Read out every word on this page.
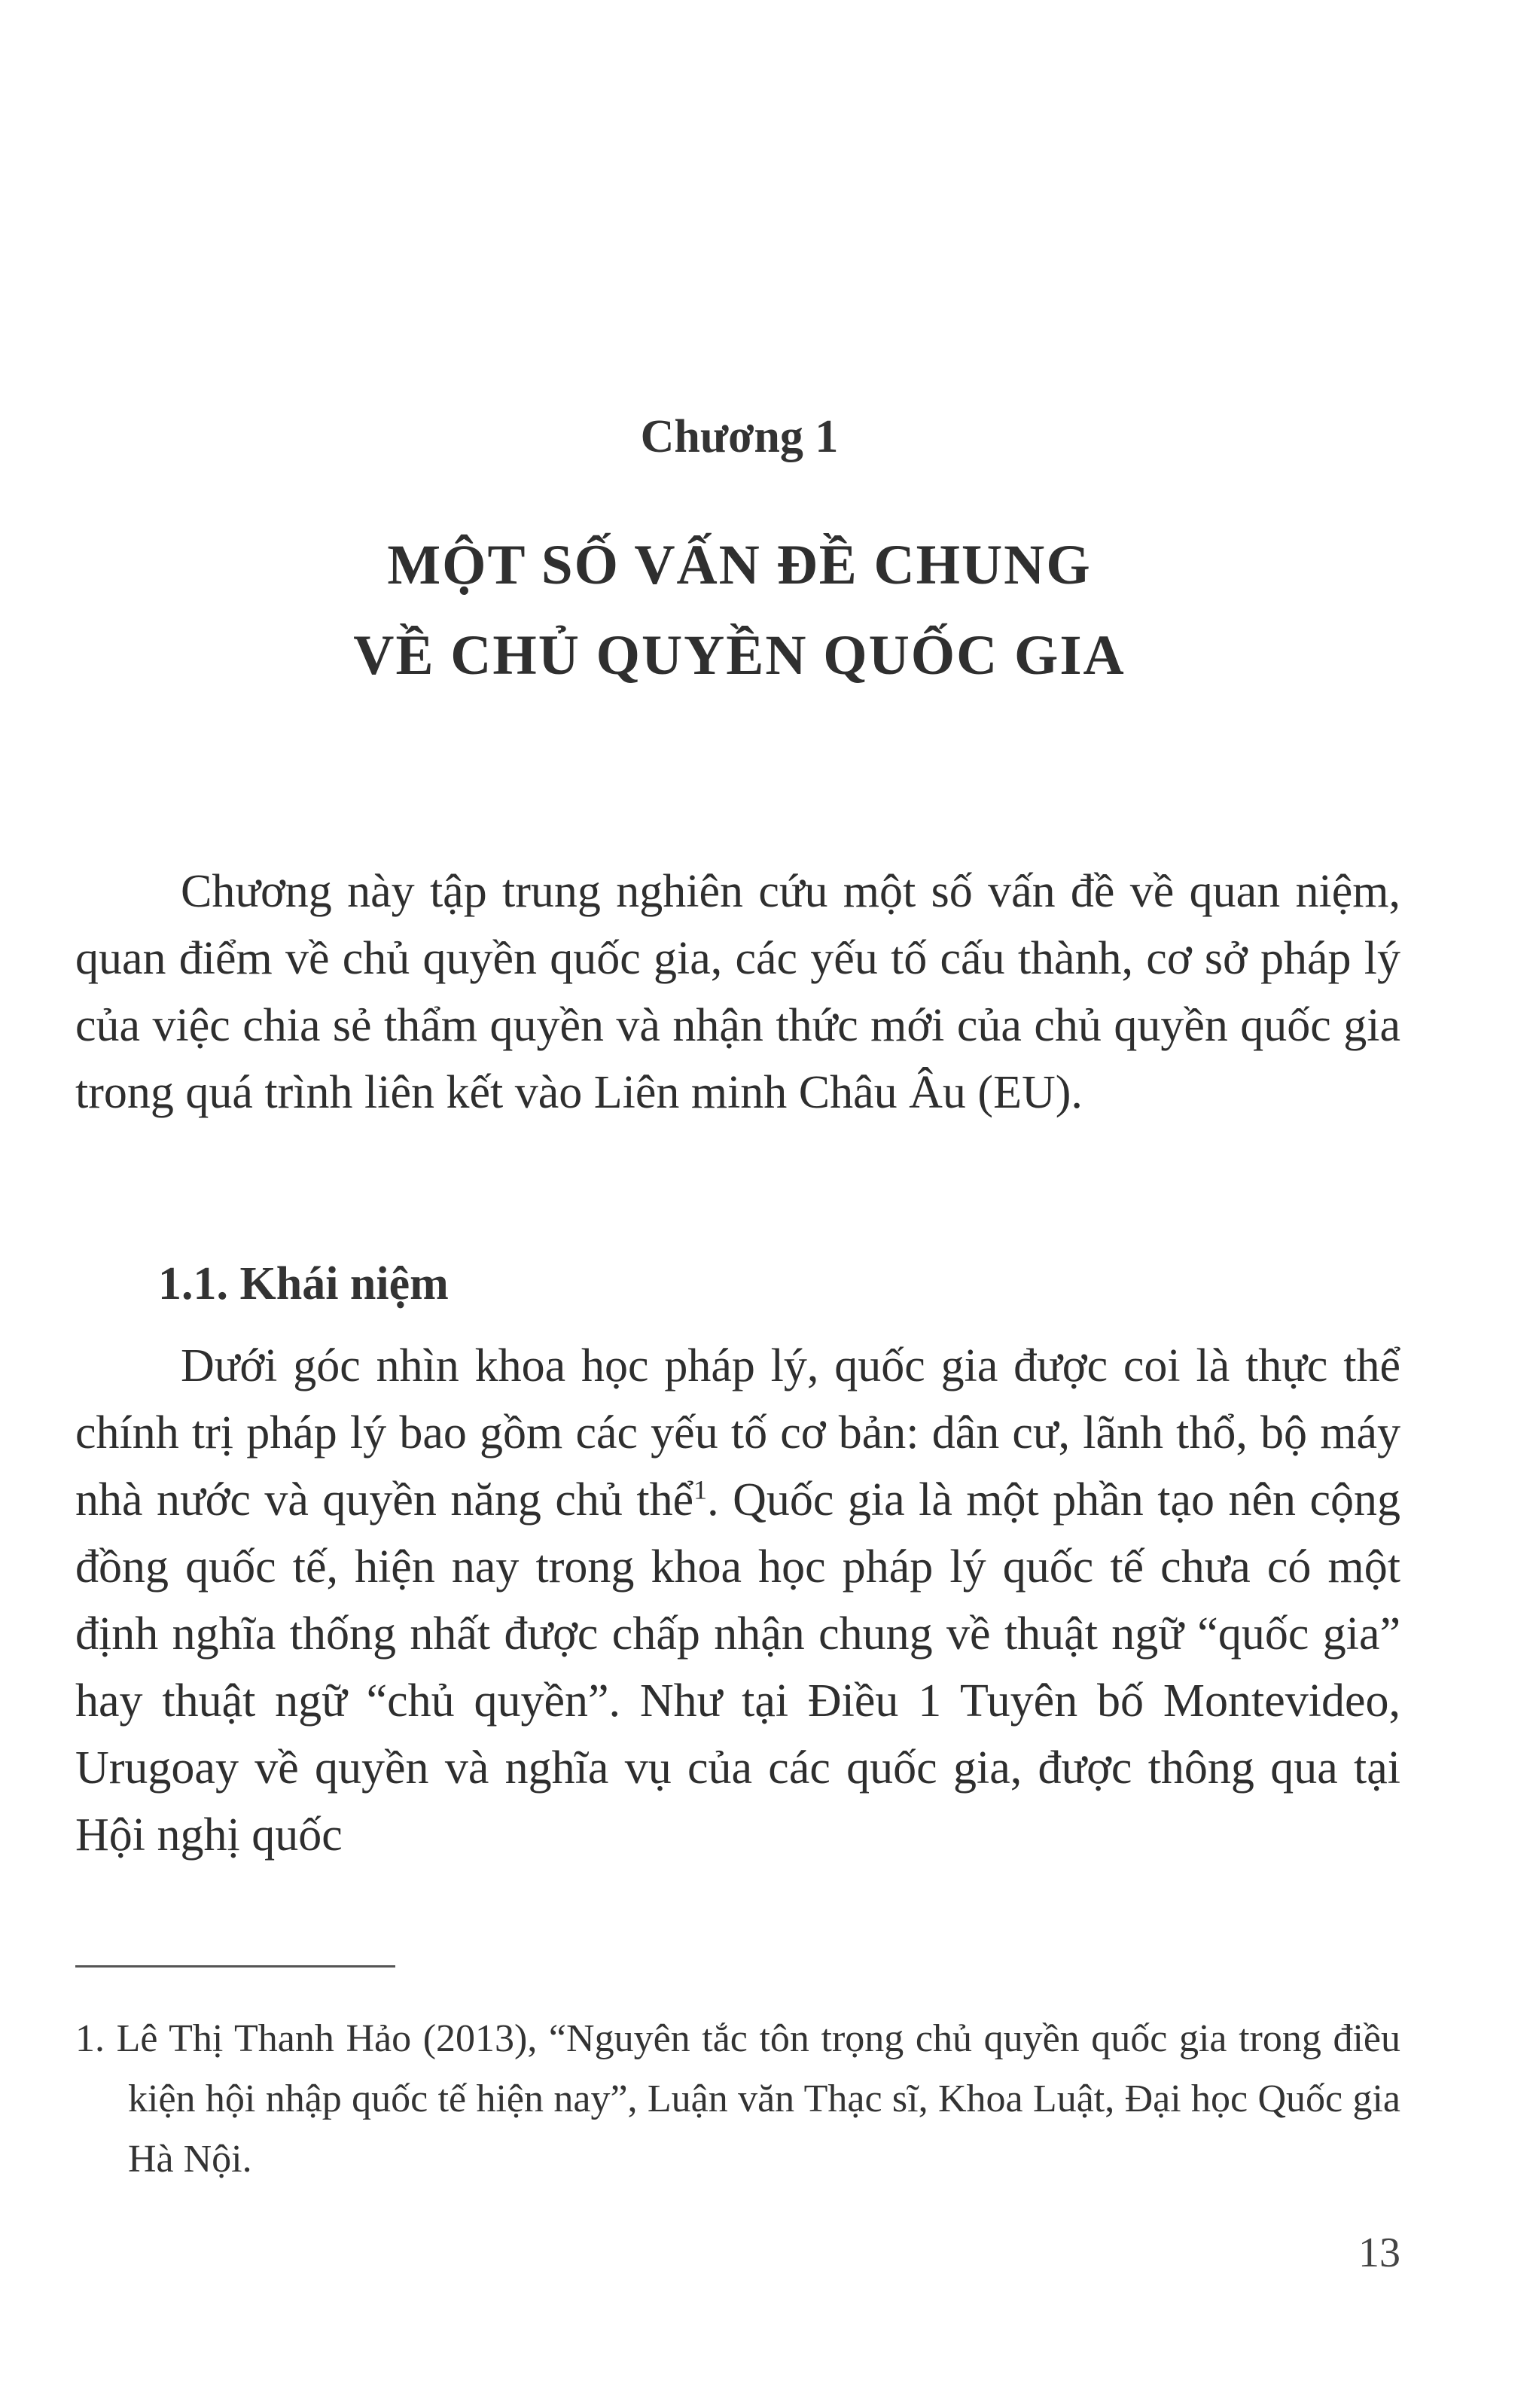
Chương 1
MỘT SỐ VẤN ĐỀ CHUNG
VỀ CHỦ QUYỀN QUỐC GIA

Chương này tập trung nghiên cứu một số vấn đề về quan niệm, quan điểm về chủ quyền quốc gia, các yếu tố cấu thành, cơ sở pháp lý của việc chia sẻ thẩm quyền và nhận thức mới của chủ quyền quốc gia trong quá trình liên kết vào Liên minh Châu Âu (EU).

1.1. Khái niệm

Dưới góc nhìn khoa học pháp lý, quốc gia được coi là thực thể chính trị pháp lý bao gồm các yếu tố cơ bản: dân cư, lãnh thổ, bộ máy nhà nước và quyền năng chủ thể$^1$. Quốc gia là một phần tạo nên cộng đồng quốc tế, hiện nay trong khoa học pháp lý quốc tế chưa có một định nghĩa thống nhất được chấp nhận chung về thuật ngữ “quốc gia” hay thuật ngữ “chủ quyền”. Như tại Điều 1 Tuyên bố Montevideo, Urugoay về quyền và nghĩa vụ của các quốc gia, được thông qua tại Hội nghị quốc

1. Lê Thị Thanh Hảo (2013), “Nguyên tắc tôn trọng chủ quyền quốc gia trong điều kiện hội nhập quốc tế hiện nay”, Luận văn Thạc sĩ, Khoa Luật, Đại học Quốc gia Hà Nội.
13
